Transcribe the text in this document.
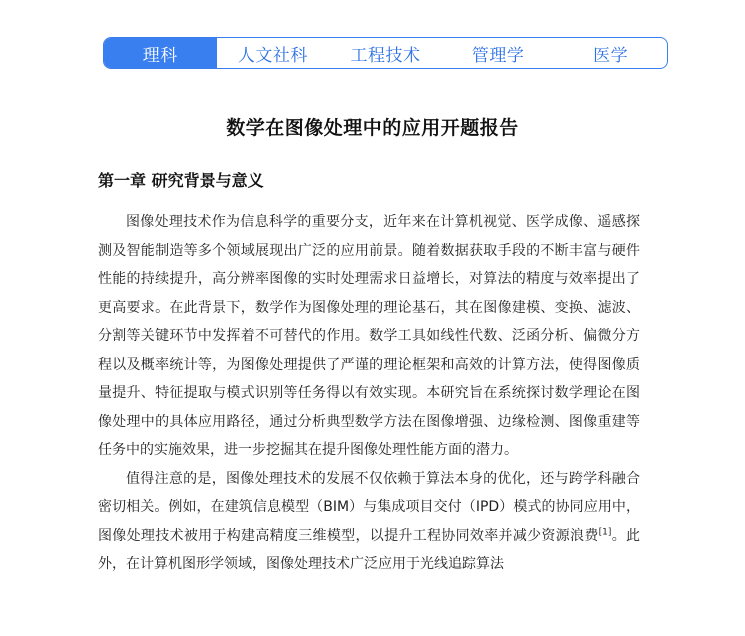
理科	人文社科	工程技术	管理学	医学
数学在图像处理中的应用开题报告
第一章 研究背景与意义

图像处理技术作为信息科学的重要分支，近年来在计算机视觉、医学成像、遥感探测及智能制造等多个领域展现出广泛的应用前景。随着数据获取手段的不断丰富与硬件性能的持续提升，高分辨率图像的实时处理需求日益增长，对算法的精度与效率提出了更高要求。在此背景下，数学作为图像处理的理论基石，其在图像建模、变换、滤波、分割等关键环节中发挥着不可替代的作用。数学工具如线性代数、泛函分析、偏微分方程以及概率统计等，为图像处理提供了严谨的理论框架和高效的计算方法，使得图像质量提升、特征提取与模式识别等任务得以有效实现。本研究旨在系统探讨数学理论在图像处理中的具体应用路径，通过分析典型数学方法在图像增强、边缘检测、图像重建等任务中的实施效果，进一步挖掘其在提升图像处理性能方面的潜力。

值得注意的是，图像处理技术的发展不仅依赖于算法本身的优化，还与跨学科融合密切相关。例如，在建筑信息模型（BIM）与集成项目交付（IPD）模式的协同应用中，图像处理技术被用于构建高精度三维模型，以提升工程协同效率并减少资源浪费[1]。此外，在计算机图形学领域，图像处理技术广泛应用于光线追踪算法
